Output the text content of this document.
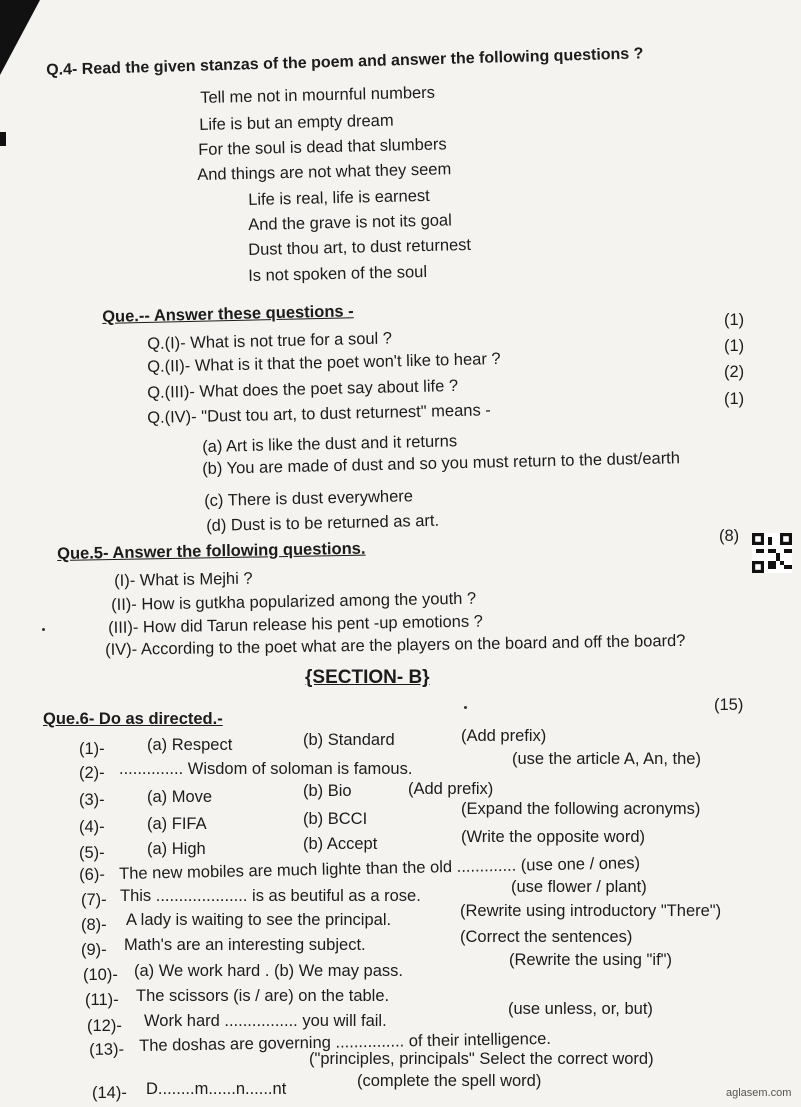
Q.4- Read the given stanzas of the poem and answer the following questions ?
Tell me not in mournful numbers
Life is but an empty dream
For the soul is dead that slumbers
And things are not what they seem
Life is real, life is earnest
And the grave is not its goal
Dust thou art, to dust returnest
Is not spoken of the soul
Que.-- Answer these questions -
Q.(I)- What is not true for a soul ?
(1)
Q.(II)- What is it that the poet won't like to hear ?
(1)
Q.(III)- What does the poet say about life ?
(2)
Q.(IV)- "Dust tou art, to dust returnest" means -
(1)
(a) Art is like the dust and it returns
(b) You are made of dust and so you must return to the dust/earth
(c) There is dust everywhere
(d) Dust is to be returned as art.
Que.5- Answer the following questions.
(8)
(I)- What is Mejhi ?
(II)- How is gutkha popularized among the youth ?
(III)- How did Tarun release his pent -up emotions ?
(IV)- According to the poet what are the players on the board and off the board?
{SECTION- B}
Que.6- Do as directed.-
(15)
(1)-	(a) Respect	(b) Standard	(Add prefix)
(2)- .............. Wisdom of soloman is famous.
(use the article A, An, the)
(3)-	(a) Move	(b) Bio	(Add prefix)
(4)-	(a) FIFA	(b) BCCI
(Expand the following acronyms)
(5)-	(a) High	(b) Accept	(Write the opposite word)
(6)- The new mobiles are much lighte than the old ............. (use one / ones)
(7)- This .................... is as beutiful as a rose.	(use flower / plant)
(8)- A lady is waiting to see the principal.	(Rewrite using introductory "There")
(9)- Math's are an interesting subject.	(Correct the sentences)
(10)- (a) We work hard . (b) We may pass.
(Rewrite the using "if")
(11)- The scissors (is / are) on the table.
(12)- Work hard ................ you will fail.
(use unless, or, but)
(13)- The doshas are governing ............... of their intelligence.
("principles, principals" Select the correct word)
(14)- D........m......n......nt	(complete the spell word)
aglasem.com
